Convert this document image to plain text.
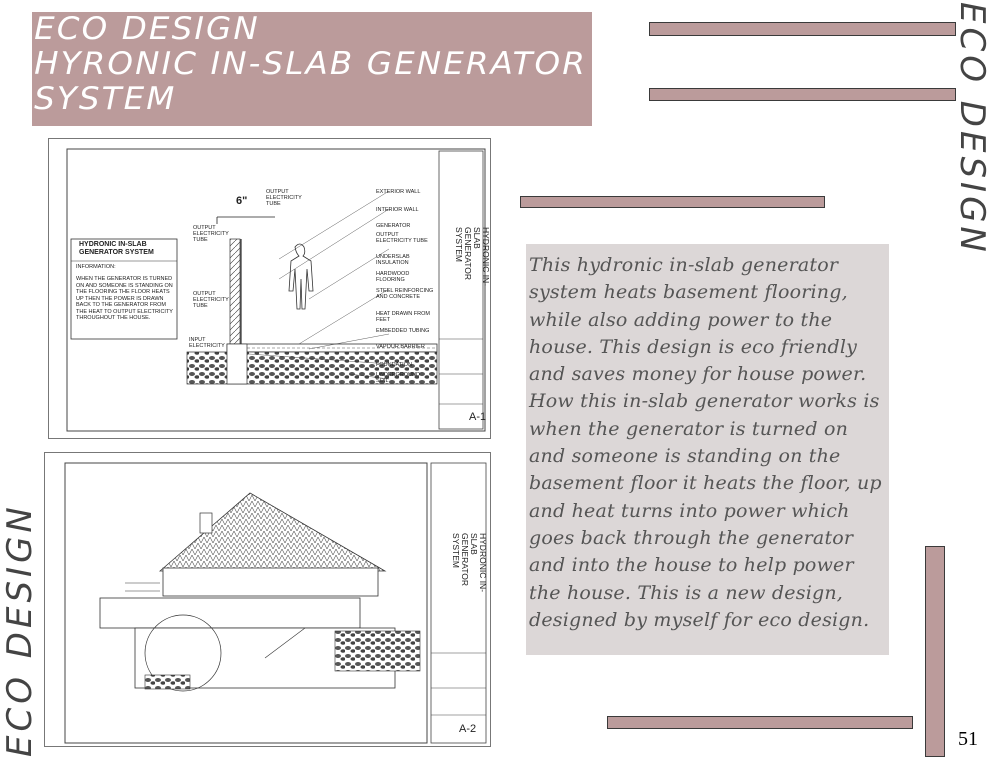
ECO DESIGN
HYRONIC IN-SLAB GENERATOR
SYSTEM	ECO DESIGN
ECO DESIGN
This hydronic in-slab generator system heats basement flooring, while also adding power to the house. This design is eco friendly and saves money for house power. How this in-slab generator works is when the generator is turned on and someone is standing on the basement floor it heats the floor, up and heat turns into power which goes back through the generator and into the house to help power the house. This is a new design, designed by myself for eco design.
51
6"
OUTPUT ELECTRICITY TUBE
OUTPUT ELECTRICITY TUBE
OUTPUT ELECTRICITY TUBE
INPUT ELECTRICITY
HYDRONIC IN-SLAB GENERATOR SYSTEM
INFORMATION:
WHEN THE GENERATOR IS TURNED ON AND SOMEONE IS STANDING ON THE FLOORING THE FLOOR HEATS UP THEN THE POWER IS DRAWN BACK TO THE GENERATOR FROM THE HEAT TO OUTPUT ELECTRICITY THROUGHOUT THE HOUSE.
EXTERIOR WALL
INTERIOR WALL
GENERATOR
OUTPUT ELECTRICITY TUBE
UNDERSLAB INSULATION
HARDWOOD FLOORING
STEEL REINFORCING AND CONCRETE
HEAT DRAWN FROM FEET
EMBEDDED TUBING
VAPOUR BARRIER
FOUNDATION
UNDERGROUND SOIL
HYDRONIC IN-SLAB GENERATOR SYSTEM
A-1
HYDRONIC IN-SLAB GENERATOR SYSTEM
A-2
